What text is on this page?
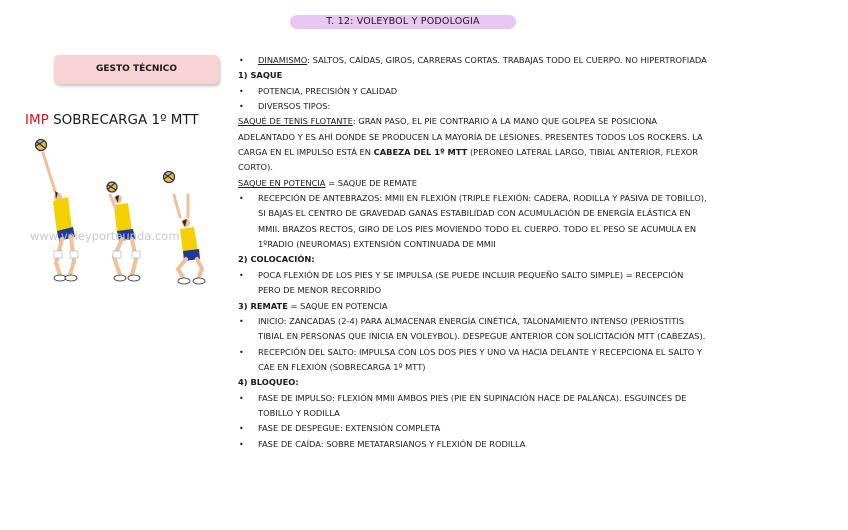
T. 12: VOLEYBOL Y PODOLOGIA
GESTO TÉCNICO
IMP SOBRECARGA 1º MTT
www.voleyporteunda.com
• DINAMISMO: SALTOS, CAÍDAS, GIROS, CARRERAS CORTAS. TRABAJAS TODO EL CUERPO. NO HIPERTROFIADA
1) SAQUE
• POTENCIA, PRECISIÓN Y CALIDAD
• DIVERSOS TIPOS:
SAQUÉ DE TENIS FLOTANTE: GRAN PASO, EL PIE CONTRARIO A LA MANO QUE GOLPEA SE POSICIONA
ADELANTADO Y ES AHÍ DONDE SE PRODUCEN LA MAYORÍA DE LESIONES. PRESENTES TODOS LOS ROCKERS. LA
CARGA EN EL IMPULSO ESTÁ EN CABEZA DEL 1º MTT (PERONEO LATERAL LARGO, TIBIAL ANTERIOR, FLEXOR
CORTO).
SAQUE EN POTENCIA = SAQUE DE REMATE
• RECEPCIÓN DE ANTEBRAZOS: MMII EN FLEXIÓN (TRIPLE FLEXIÓN: CADERA, RODILLA Y PASIVA DE TOBILLO),
SI BAJAS EL CENTRO DE GRAVEDAD GANAS ESTABILIDAD CON ACUMULACIÓN DE ENERGÍA ELÁSTICA EN
MMII. BRAZOS RECTOS, GIRO DE LOS PIES MOVIENDO TODO EL CUERPO. TODO EL PESO SE ACUMULA EN
1ºRADIO (NEUROMAS) EXTENSIÓN CONTINUADA DE MMII
2) COLOCACIÓN:
• POCA FLEXIÓN DE LOS PIES Y SE IMPULSA (SE PUEDE INCLUIR PEQUEÑO SALTO SIMPLE) = RECEPCIÓN
PERO DE MENOR RECORRIDO
3) REMATE = SAQUE EN POTENCIA
• INICIO: ZANCADAS (2-4) PARA ALMACENAR ENERGÍA CINÉTICA, TALONAMIENTO INTENSO (PERIOSTITIS
TIBIAL EN PERSONAS QUE INICIA EN VOLEYBOL). DESPEGUE ANTERIOR CON SOLICITACIÓN MTT (CABEZAS).
• RECEPCIÓN DEL SALTO: IMPULSA CON LOS DOS PIES Y UNO VA HACIA DELANTE Y RECEPCIONA EL SALTO Y
CAE EN FLEXIÓN (SOBRECARGA 1º MTT)
4) BLOQUEO:
• FASE DE IMPULSO: FLEXIÓN MMII AMBOS PIES (PIE EN SUPINACIÓN HACE DE PALANCA). ESGUINCES DE
TOBILLO Y RODILLA
• FASE DE DESPEGUE: EXTENSIÓN COMPLETA
• FASE DE CAÍDA: SOBRE METATARSIANOS Y FLEXIÓN DE RODILLA
